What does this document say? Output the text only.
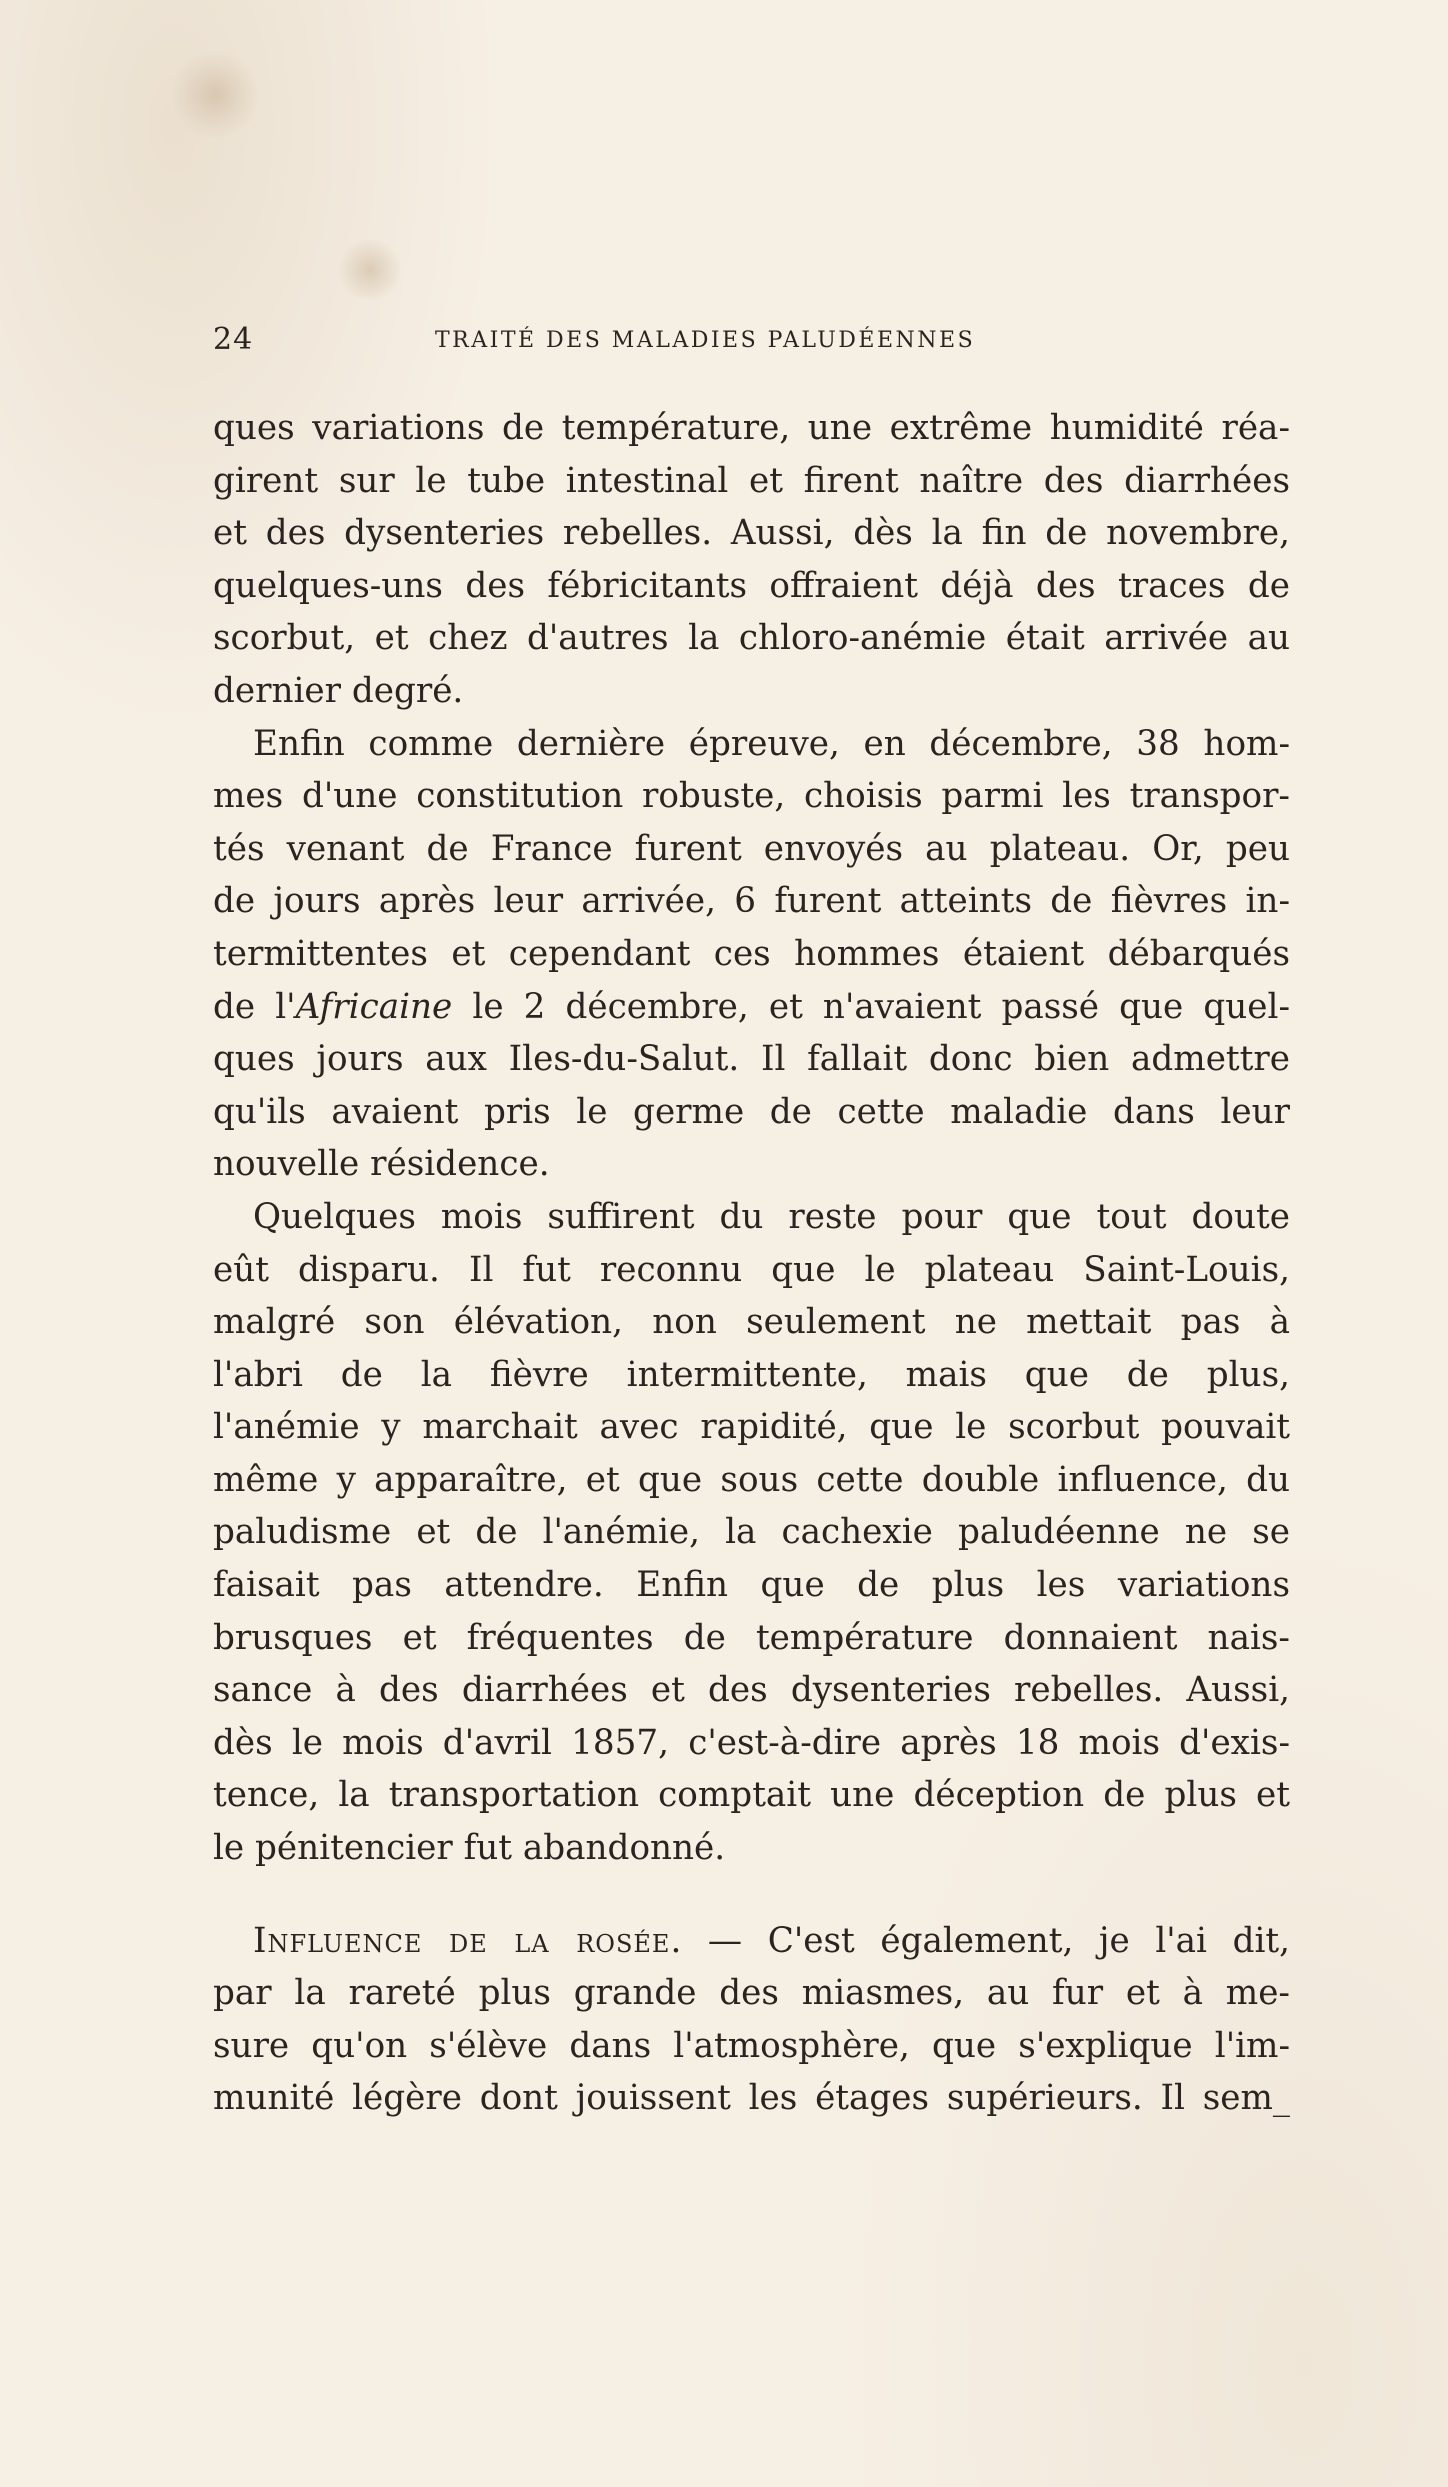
24	TRAITÉ DES MALADIES PALUDÉENNES
ques variations de température, une extrême humidité réa-
girent sur le tube intestinal et firent naître des diarrhées
et des dysenteries rebelles. Aussi, dès la fin de novembre,
quelques-uns des fébricitants offraient déjà des traces de
scorbut, et chez d'autres la chloro-anémie était arrivée au
dernier degré.
Enfin comme dernière épreuve, en décembre, 38 hom-
mes d'une constitution robuste, choisis parmi les transpor-
tés venant de France furent envoyés au plateau. Or, peu
de jours après leur arrivée, 6 furent atteints de fièvres in-
termittentes et cependant ces hommes étaient débarqués
de l'Africaine le 2 décembre, et n'avaient passé que quel-
ques jours aux Iles-du-Salut. Il fallait donc bien admettre
qu'ils avaient pris le germe de cette maladie dans leur
nouvelle résidence.
Quelques mois suffirent du reste pour que tout doute
eût disparu. Il fut reconnu que le plateau Saint-Louis,
malgré son élévation, non seulement ne mettait pas à
l'abri de la fièvre intermittente, mais que de plus,
l'anémie y marchait avec rapidité, que le scorbut pouvait
même y apparaître, et que sous cette double influence, du
paludisme et de l'anémie, la cachexie paludéenne ne se
faisait pas attendre. Enfin que de plus les variations
brusques et fréquentes de température donnaient nais-
sance à des diarrhées et des dysenteries rebelles. Aussi,
dès le mois d'avril 1857, c'est-à-dire après 18 mois d'exis-
tence, la transportation comptait une déception de plus et
le pénitencier fut abandonné.
Influence de la rosée. — C'est également, je l'ai dit,
par la rareté plus grande des miasmes, au fur et à me-
sure qu'on s'élève dans l'atmosphère, que s'explique l'im-
munité légère dont jouissent les étages supérieurs. Il sem_
